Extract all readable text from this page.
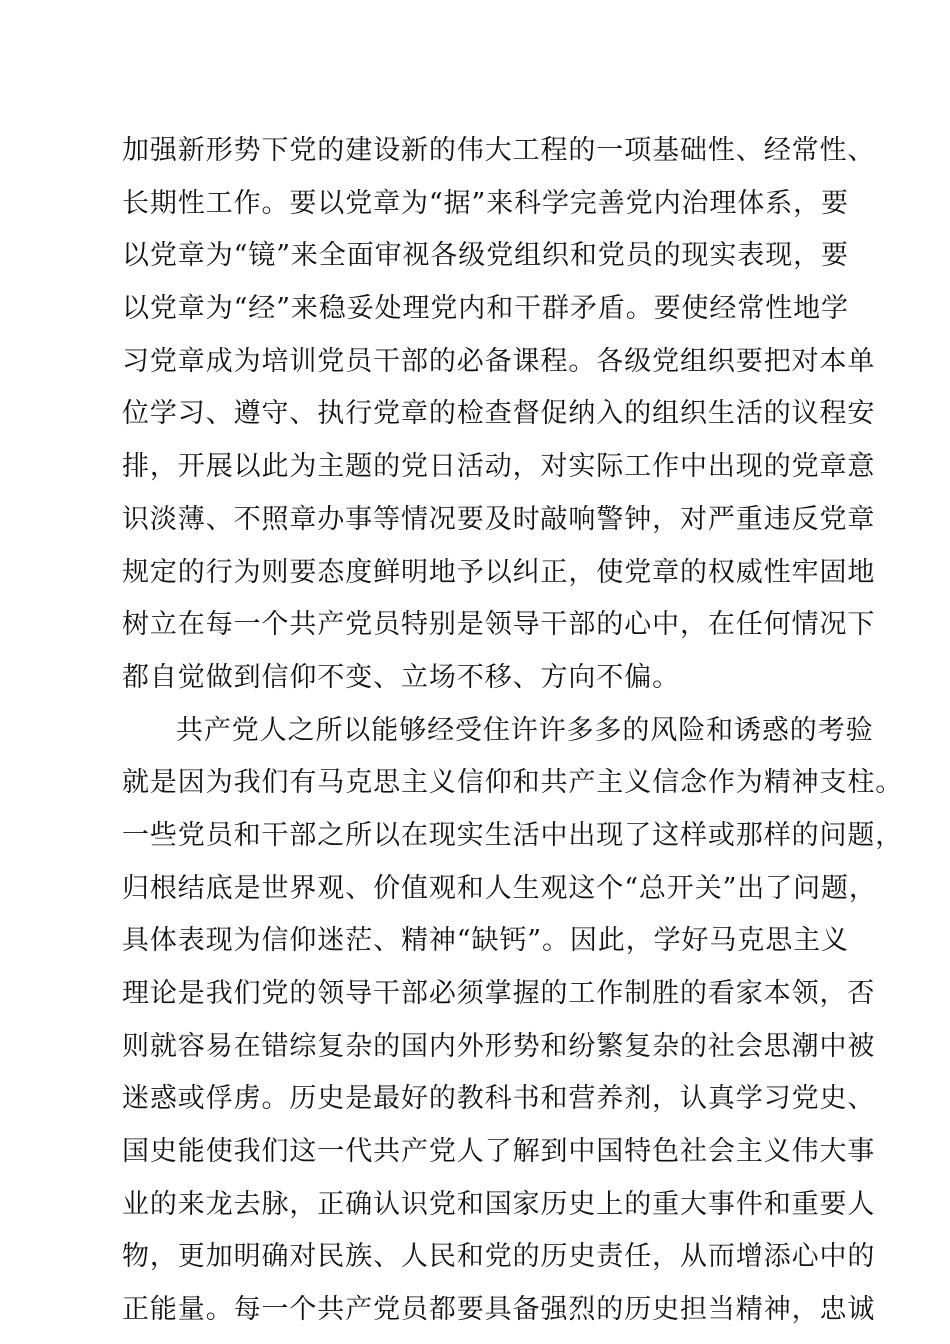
加强新形势下党的建设新的伟大工程的一项基础性、经常性、
长期性工作。要以党章为“据”来科学完善党内治理体系，要
以党章为“镜”来全面审视各级党组织和党员的现实表现，要
以党章为“经”来稳妥处理党内和干群矛盾。要使经常性地学
习党章成为培训党员干部的必备课程。各级党组织要把对本单
位学习、遵守、执行党章的检查督促纳入的组织生活的议程安
排，开展以此为主题的党日活动，对实际工作中出现的党章意
识淡薄、不照章办事等情况要及时敲响警钟，对严重违反党章
规定的行为则要态度鲜明地予以纠正，使党章的权威性牢固地
树立在每一个共产党员特别是领导干部的心中，在任何情况下
都自觉做到信仰不变、立场不移、方向不偏。
共产党人之所以能够经受住许许多多的风险和诱惑的考验
就是因为我们有马克思主义信仰和共产主义信念作为精神支柱。
一些党员和干部之所以在现实生活中出现了这样或那样的问题，
归根结底是世界观、价值观和人生观这个“总开关”出了问题，
具体表现为信仰迷茫、精神“缺钙”。因此，学好马克思主义
理论是我们党的领导干部必须掌握的工作制胜的看家本领，否
则就容易在错综复杂的国内外形势和纷繁复杂的社会思潮中被
迷惑或俘虏。历史是最好的教科书和营养剂，认真学习党史、
国史能使我们这一代共产党人了解到中国特色社会主义伟大事
业的来龙去脉，正确认识党和国家历史上的重大事件和重要人
物，更加明确对民族、人民和党的历史责任，从而增添心中的
正能量。每一个共产党员都要具备强烈的历史担当精神，忠诚
